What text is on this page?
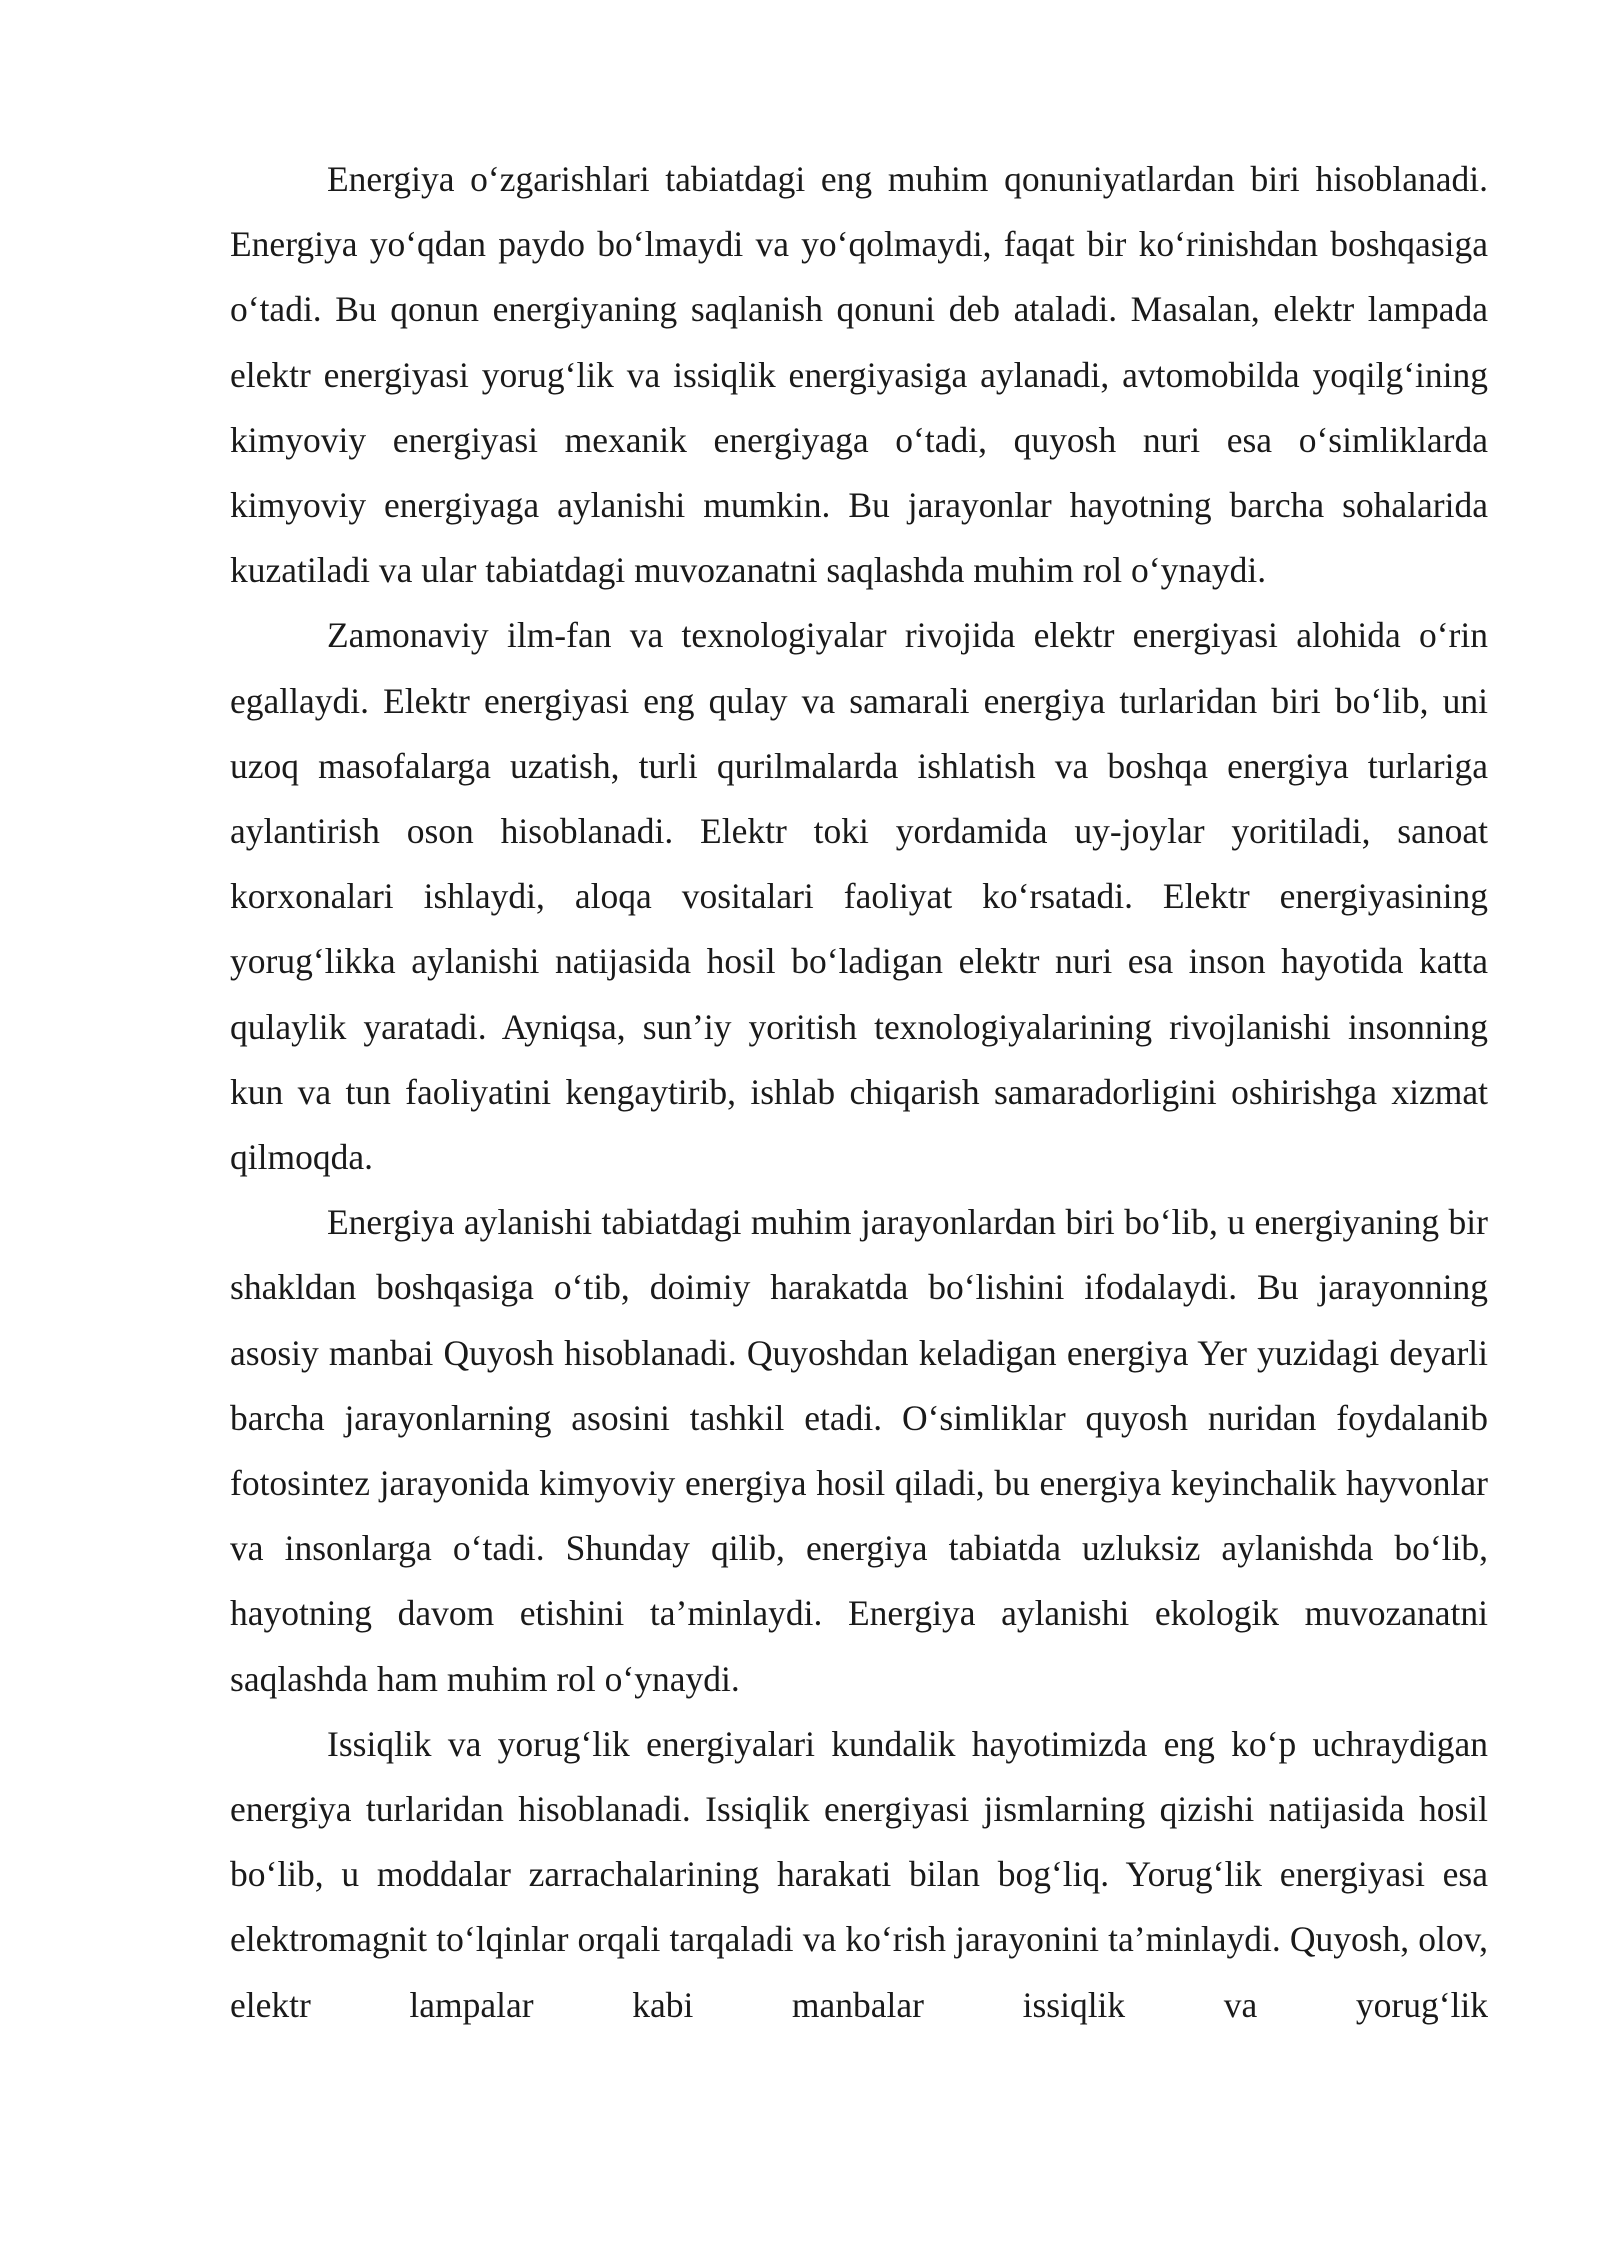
Energiya o‘zgarishlari tabiatdagi eng muhim qonuniyatlardan biri hisoblanadi. Energiya yo‘qdan paydo bo‘lmaydi va yo‘qolmaydi, faqat bir ko‘rinishdan boshqasiga o‘tadi. Bu qonun energiyaning saqlanish qonuni deb ataladi. Masalan, elektr lampada elektr energiyasi yorug‘lik va issiqlik energiyasiga aylanadi, avtomobilda yoqilg‘ining kimyoviy energiyasi mexanik energiyaga o‘tadi, quyosh nuri esa o‘simliklarda kimyoviy energiyaga aylanishi mumkin. Bu jarayonlar hayotning barcha sohalarida kuzatiladi va ular tabiatdagi muvozanatni saqlashda muhim rol o‘ynaydi.

Zamonaviy ilm-fan va texnologiyalar rivojida elektr energiyasi alohida o‘rin egallaydi. Elektr energiyasi eng qulay va samarali energiya turlaridan biri bo‘lib, uni uzoq masofalarga uzatish, turli qurilmalarda ishlatish va boshqa energiya turlariga aylantirish oson hisoblanadi. Elektr toki yordamida uy-joylar yoritiladi, sanoat korxonalari ishlaydi, aloqa vositalari faoliyat ko‘rsatadi. Elektr energiyasining yorug‘likka aylanishi natijasida hosil bo‘ladigan elektr nuri esa inson hayotida katta qulaylik yaratadi. Ayniqsa, sun’iy yoritish texnologiyalarining rivojlanishi insonning kun va tun faoliyatini kengaytirib, ishlab chiqarish samaradorligini oshirishga xizmat qilmoqda.

Energiya aylanishi tabiatdagi muhim jarayonlardan biri bo‘lib, u energiyaning bir shakldan boshqasiga o‘tib, doimiy harakatda bo‘lishini ifodalaydi. Bu jarayonning asosiy manbai Quyosh hisoblanadi. Quyoshdan keladigan energiya Yer yuzidagi deyarli barcha jarayonlarning asosini tashkil etadi. O‘simliklar quyosh nuridan foydalanib fotosintez jarayonida kimyoviy energiya hosil qiladi, bu energiya keyinchalik hayvonlar va insonlarga o‘tadi. Shunday qilib, energiya tabiatda uzluksiz aylanishda bo‘lib, hayotning davom etishini ta’minlaydi. Energiya aylanishi ekologik muvozanatni saqlashda ham muhim rol o‘ynaydi.

Issiqlik va yorug‘lik energiyalari kundalik hayotimizda eng ko‘p uchraydigan energiya turlaridan hisoblanadi. Issiqlik energiyasi jismlarning qizishi natijasida hosil bo‘lib, u moddalar zarrachalarining harakati bilan bog‘liq. Yorug‘lik energiyasi esa elektromagnit to‘lqinlar orqali tarqaladi va ko‘rish jarayonini ta’minlaydi. Quyosh, olov, elektr lampalar kabi manbalar issiqlik va yorug‘lik
